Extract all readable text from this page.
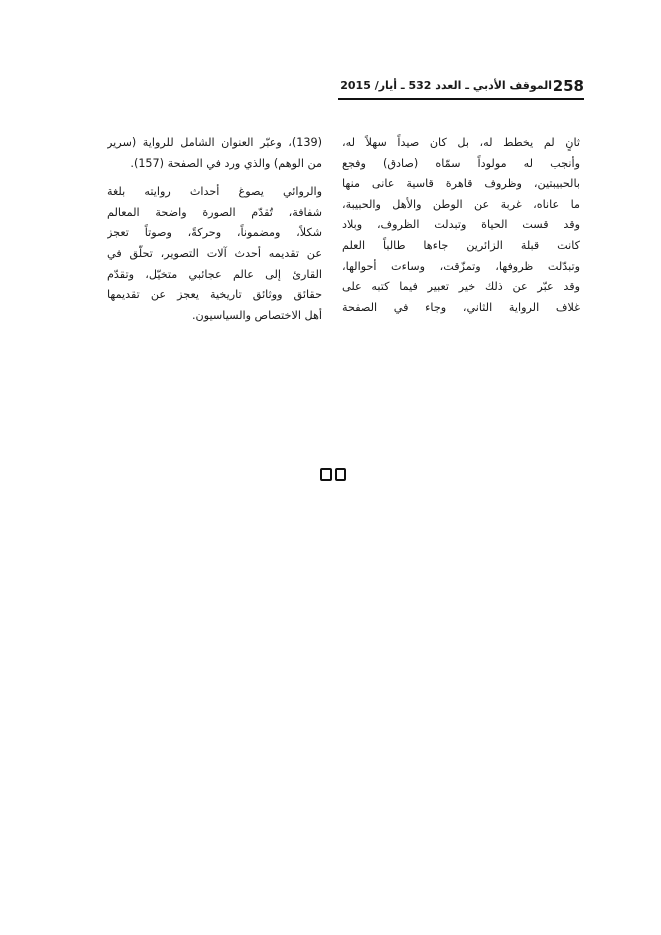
258
الموقف الأدبي ـ العدد 532 ـ أيار/ 2015
ثانٍ لم يخطط له، بل كان صيداً سهلاً له،
وأنجب له مولوداً سمّاه (صادق) وفجع
بالحبيبتين، وظروف قاهرة قاسية عانى منها
ما عاناه، غربة عن الوطن والأهل والحبيبة،
وقد قست الحياة وتبدلت الظروف، وبلاد
كانت قبلة الزائرين جاءها طالباً العلم
وتبدّلت ظروفها، وتمزّقت، وساءت أحوالها،
وقد عبّر عن ذلك خير تعبير فيما كتبه على
غلاف الرواية الثاني، وجاء في الصفحة
(139)، وعبّر العنوان الشامل للرواية (سرير
من الوهم) والذي ورد في الصفحة (157).
والروائي يصوغ أحداث روايته بلغة
شفافة، تُقدّم الصورة واضحة المعالم
شكلاً، ومضموناً، وحركةً، وصوتاً تعجز
عن تقديمه أحدث آلات التصوير، تحلّق في
القارئ إلى عالم عجائبي متخيّل، وتقدّم
حقائق ووثائق تاريخية يعجز عن تقديمها
أهل الاختصاص والسياسيون.
